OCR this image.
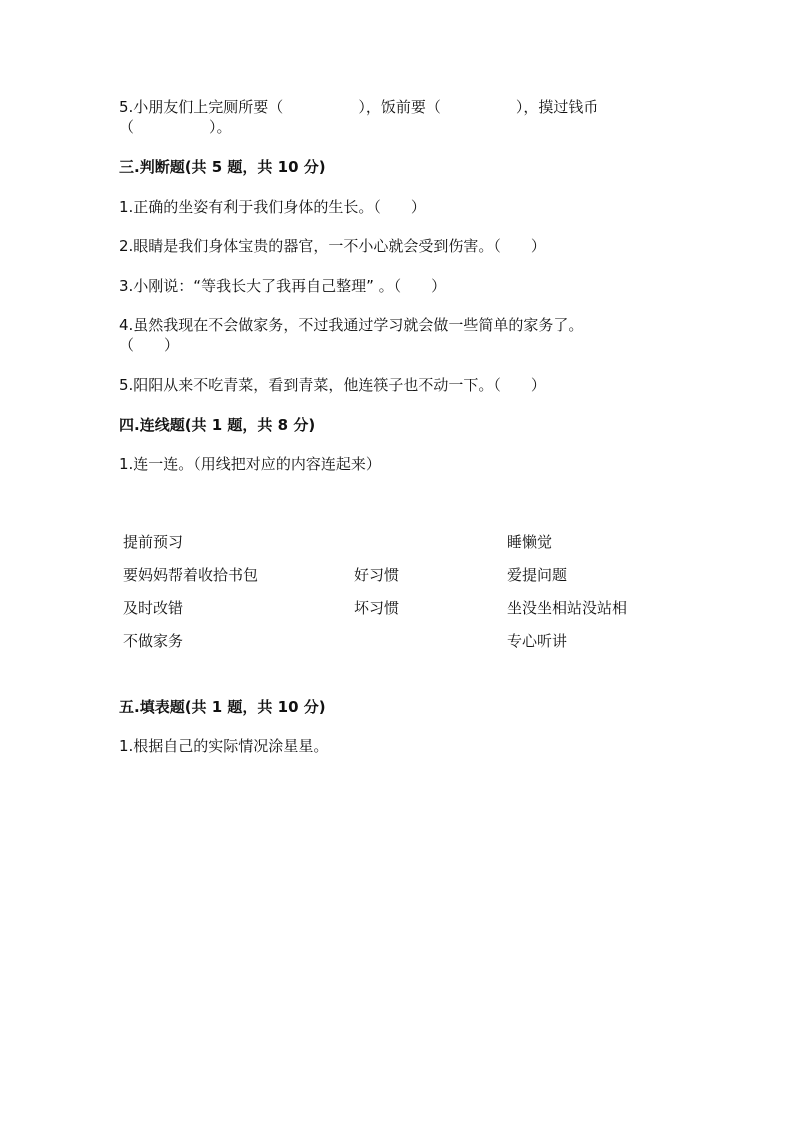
5.小朋友们上完厕所要（　　　　　），饭前要（　　　　　），摸过钱币
（　　　　　）。
三.判断题(共 5 题，共 10 分)
1.正确的坐姿有利于我们身体的生长。（　　）
2.眼睛是我们身体宝贵的器官，一不小心就会受到伤害。（　　）
3.小刚说：“等我长大了我再自己整理” 。（　　）
4.虽然我现在不会做家务，不过我通过学习就会做一些简单的家务了。
（　　）
5.阳阳从来不吃青菜，看到青菜，他连筷子也不动一下。（　　）
四.连线题(共 1 题，共 8 分)
1.连一连。（用线把对应的内容连起来）
提前预习
要妈妈帮着收拾书包
及时改错
不做家务
好习惯
坏习惯
睡懒觉
爱提问题
坐没坐相站没站相
专心听讲
五.填表题(共 1 题，共 10 分)
1.根据自己的实际情况涂星星。
